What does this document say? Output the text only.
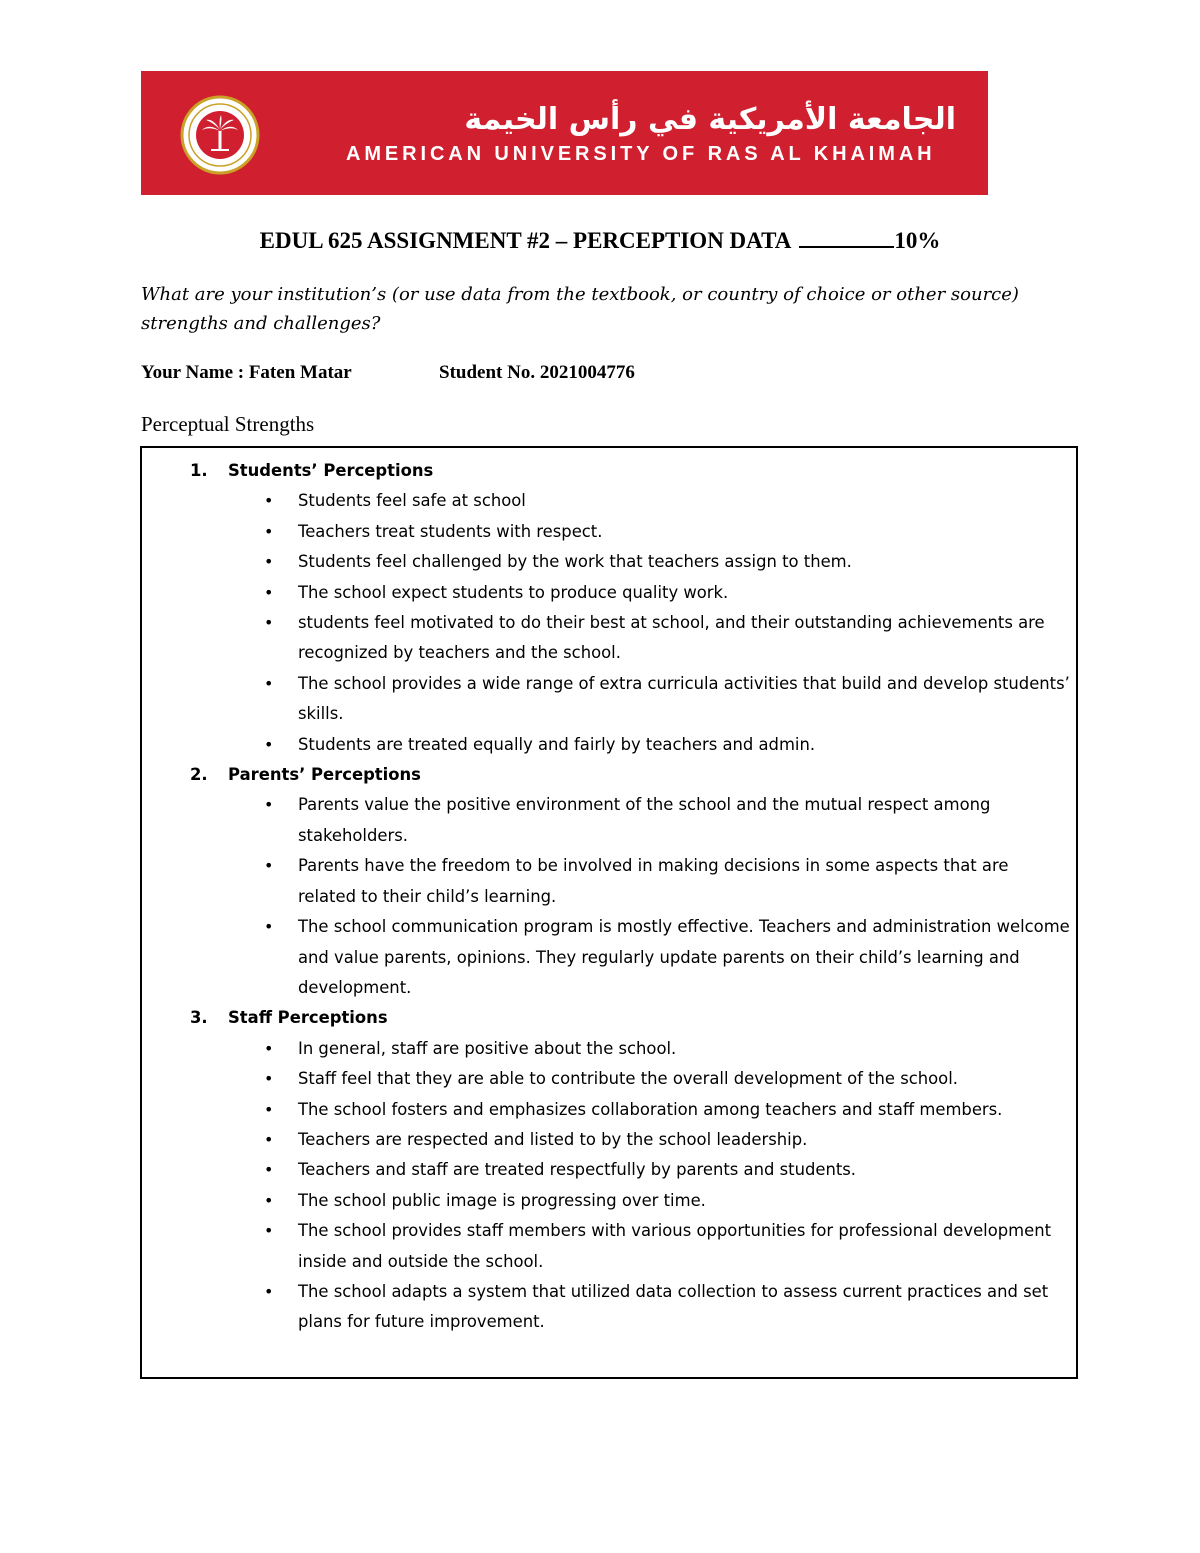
الجامعة الأمريكية في رأس الخيمة
AMERICAN UNIVERSITY OF RAS AL KHAIMAH
EDUL 625 ASSIGNMENT #2 – PERCEPTION DATA	10%
What are your institution’s (or use data from the textbook, or country of choice or other source) strengths and challenges?
Your Name : Faten Matar	Student No. 2021004776
Perceptual Strengths
1. Students’ Perceptions
• Students feel safe at school
• Teachers treat students with respect.
• Students feel challenged by the work that teachers assign to them.
• The school expect students to produce quality work.
• students feel motivated to do their best at school, and their outstanding achievements are recognized by teachers and the school.
• The school provides a wide range of extra curricula activities that build and develop students’ skills.
• Students are treated equally and fairly by teachers and admin.
2. Parents’ Perceptions
• Parents value the positive environment of the school and the mutual respect among stakeholders.
• Parents have the freedom to be involved in making decisions in some aspects that are related to their child’s learning.
• The school communication program is mostly effective. Teachers and administration welcome and value parents, opinions. They regularly update parents on their child’s learning and development.
3. Staff Perceptions
• In general, staff are positive about the school.
• Staff feel that they are able to contribute the overall development of the school.
• The school fosters and emphasizes collaboration among teachers and staff members.
• Teachers are respected and listed to by the school leadership.
• Teachers and staff are treated respectfully by parents and students.
• The school public image is progressing over time.
• The school provides staff members with various opportunities for professional development inside and outside the school.
• The school adapts a system that utilized data collection to assess current practices and set plans for future improvement.
